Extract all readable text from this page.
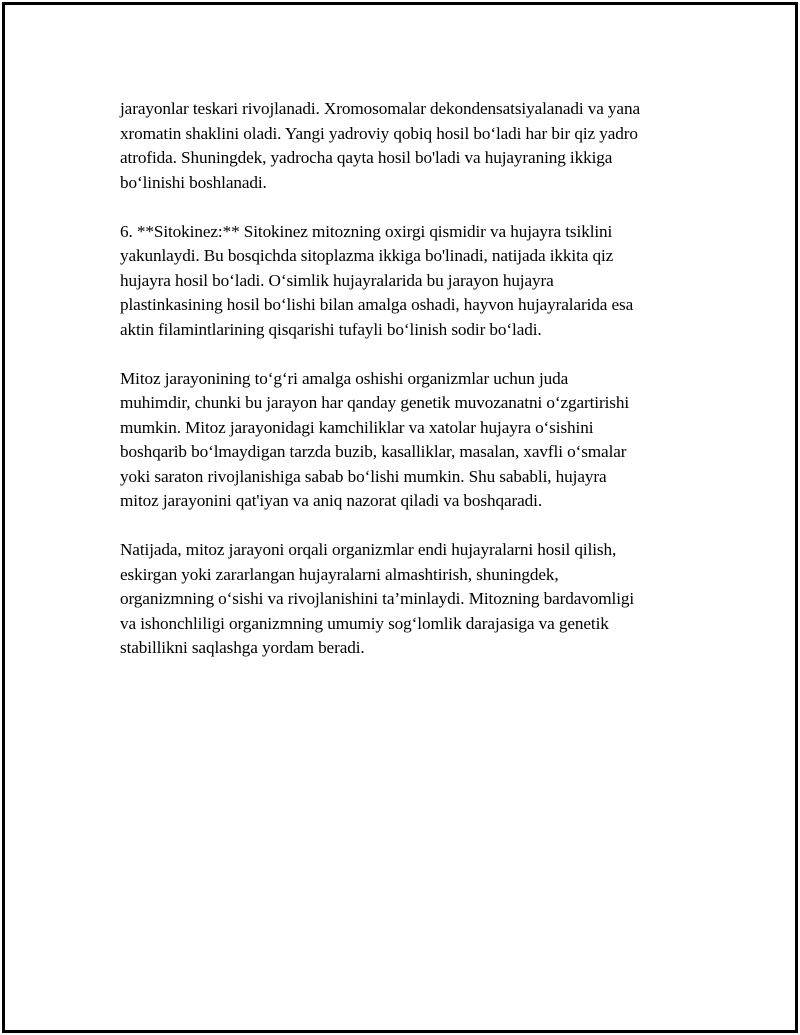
jarayonlar teskari rivojlanadi. Xromosomalar dekondensatsiyalanadi va yana
xromatin shaklini oladi. Yangi yadroviy qobiq hosil bo‘ladi har bir qiz yadro
atrofida. Shuningdek, yadrocha qayta hosil bo'ladi va hujayraning ikkiga
bo‘linishi boshlanadi.

6. **Sitokinez:** Sitokinez mitozning oxirgi qismidir va hujayra tsiklini
yakunlaydi. Bu bosqichda sitoplazma ikkiga bo'linadi, natijada ikkita qiz
hujayra hosil bo‘ladi. O‘simlik hujayralarida bu jarayon hujayra
plastinkasining hosil bo‘lishi bilan amalga oshadi, hayvon hujayralarida esa
aktin filamintlarining qisqarishi tufayli bo‘linish sodir bo‘ladi.

Mitoz jarayonining to‘g‘ri amalga oshishi organizmlar uchun juda
muhimdir, chunki bu jarayon har qanday genetik muvozanatni o‘zgartirishi
mumkin. Mitoz jarayonidagi kamchiliklar va xatolar hujayra o‘sishini
boshqarib bo‘lmaydigan tarzda buzib, kasalliklar, masalan, xavfli o‘smalar
yoki saraton rivojlanishiga sabab bo‘lishi mumkin. Shu sababli, hujayra
mitoz jarayonini qat'iyan va aniq nazorat qiladi va boshqaradi.

Natijada, mitoz jarayoni orqali organizmlar endi hujayralarni hosil qilish,
eskirgan yoki zararlangan hujayralarni almashtirish, shuningdek,
organizmning o‘sishi va rivojlanishini ta’minlaydi. Mitozning bardavomligi
va ishonchliligi organizmning umumiy sog‘lomlik darajasiga va genetik
stabillikni saqlashga yordam beradi.
